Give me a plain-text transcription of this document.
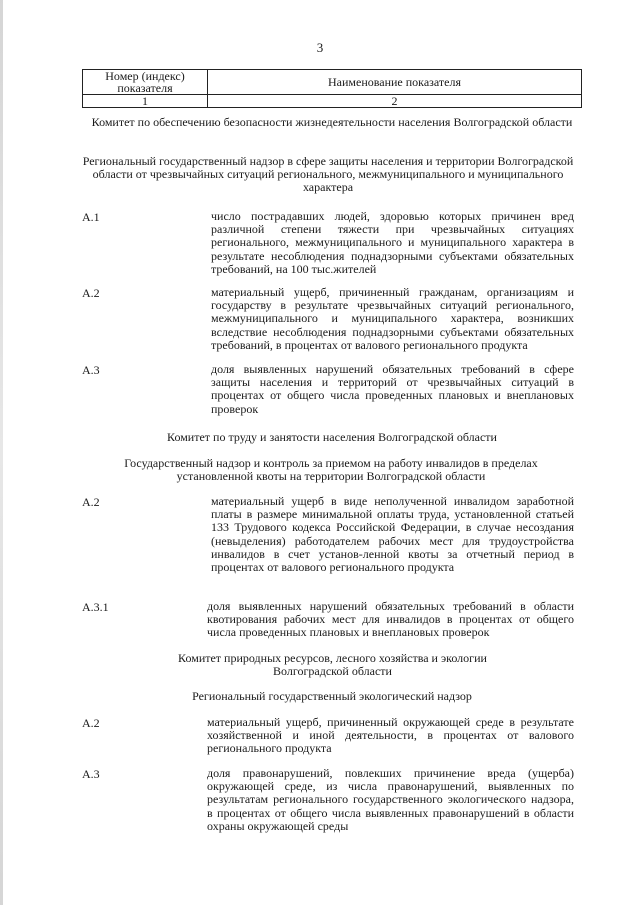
3
Номер (индекс) показателя	Наименование показателя
1	2
Комитет по обеспечению безопасности жизнедеятельности населения Волгоградской области
Региональный государственный надзор в сфере защиты населения и территории Волгоградской области от чрезвычайных ситуаций регионального, межмуниципального и муниципального характера
А.1	число пострадавших людей, здоровью которых причинен вред различной степени тяжести при чрезвычайных ситуациях регионального, межмуниципального и муниципального характера в результате несоблюдения поднадзорными субъектами обязательных требований, на 100 тыс.жителей
А.2	материальный ущерб, причиненный гражданам, организациям и государству в результате чрезвычайных ситуаций регионального, межмуниципального и муниципального характера, возникших вследствие несоблюдения поднадзорными субъектами обязательных требований, в процентах от валового регионального продукта
А.3	доля выявленных нарушений обязательных требований в сфере защиты населения и территорий от чрезвычайных ситуаций в процентах от общего числа проведенных плановых и внеплановых проверок
Комитет по труду и занятости населения Волгоградской области
Государственный надзор и контроль за приемом на работу инвалидов в пределах установленной квоты на территории Волгоградской области
А.2	материальный ущерб в виде неполученной инвалидом заработной платы в размере минимальной оплаты труда, установленной статьей 133 Трудового кодекса Российской Федерации, в случае несоздания (невыделения) работодателем рабочих мест для трудоустройства инвалидов в счет установ-ленной квоты за отчетный период в процентах от валового регионального продукта
А.3.1	доля выявленных нарушений обязательных требований в области квотирования рабочих мест для инвалидов в процентах от общего числа проведенных плановых и внеплановых проверок
Комитет природных ресурсов, лесного хозяйства и экологии Волгоградской области
Региональный государственный экологический надзор
А.2	материальный ущерб, причиненный окружающей среде в результате хозяйственной и иной деятельности, в процентах от валового регионального продукта
А.3	доля правонарушений, повлекших причинение вреда (ущерба) окружающей среде, из числа правонарушений, выявленных по результатам регионального государственного экологического надзора, в процентах от общего числа выявленных правонарушений в области охраны окружающей среды
